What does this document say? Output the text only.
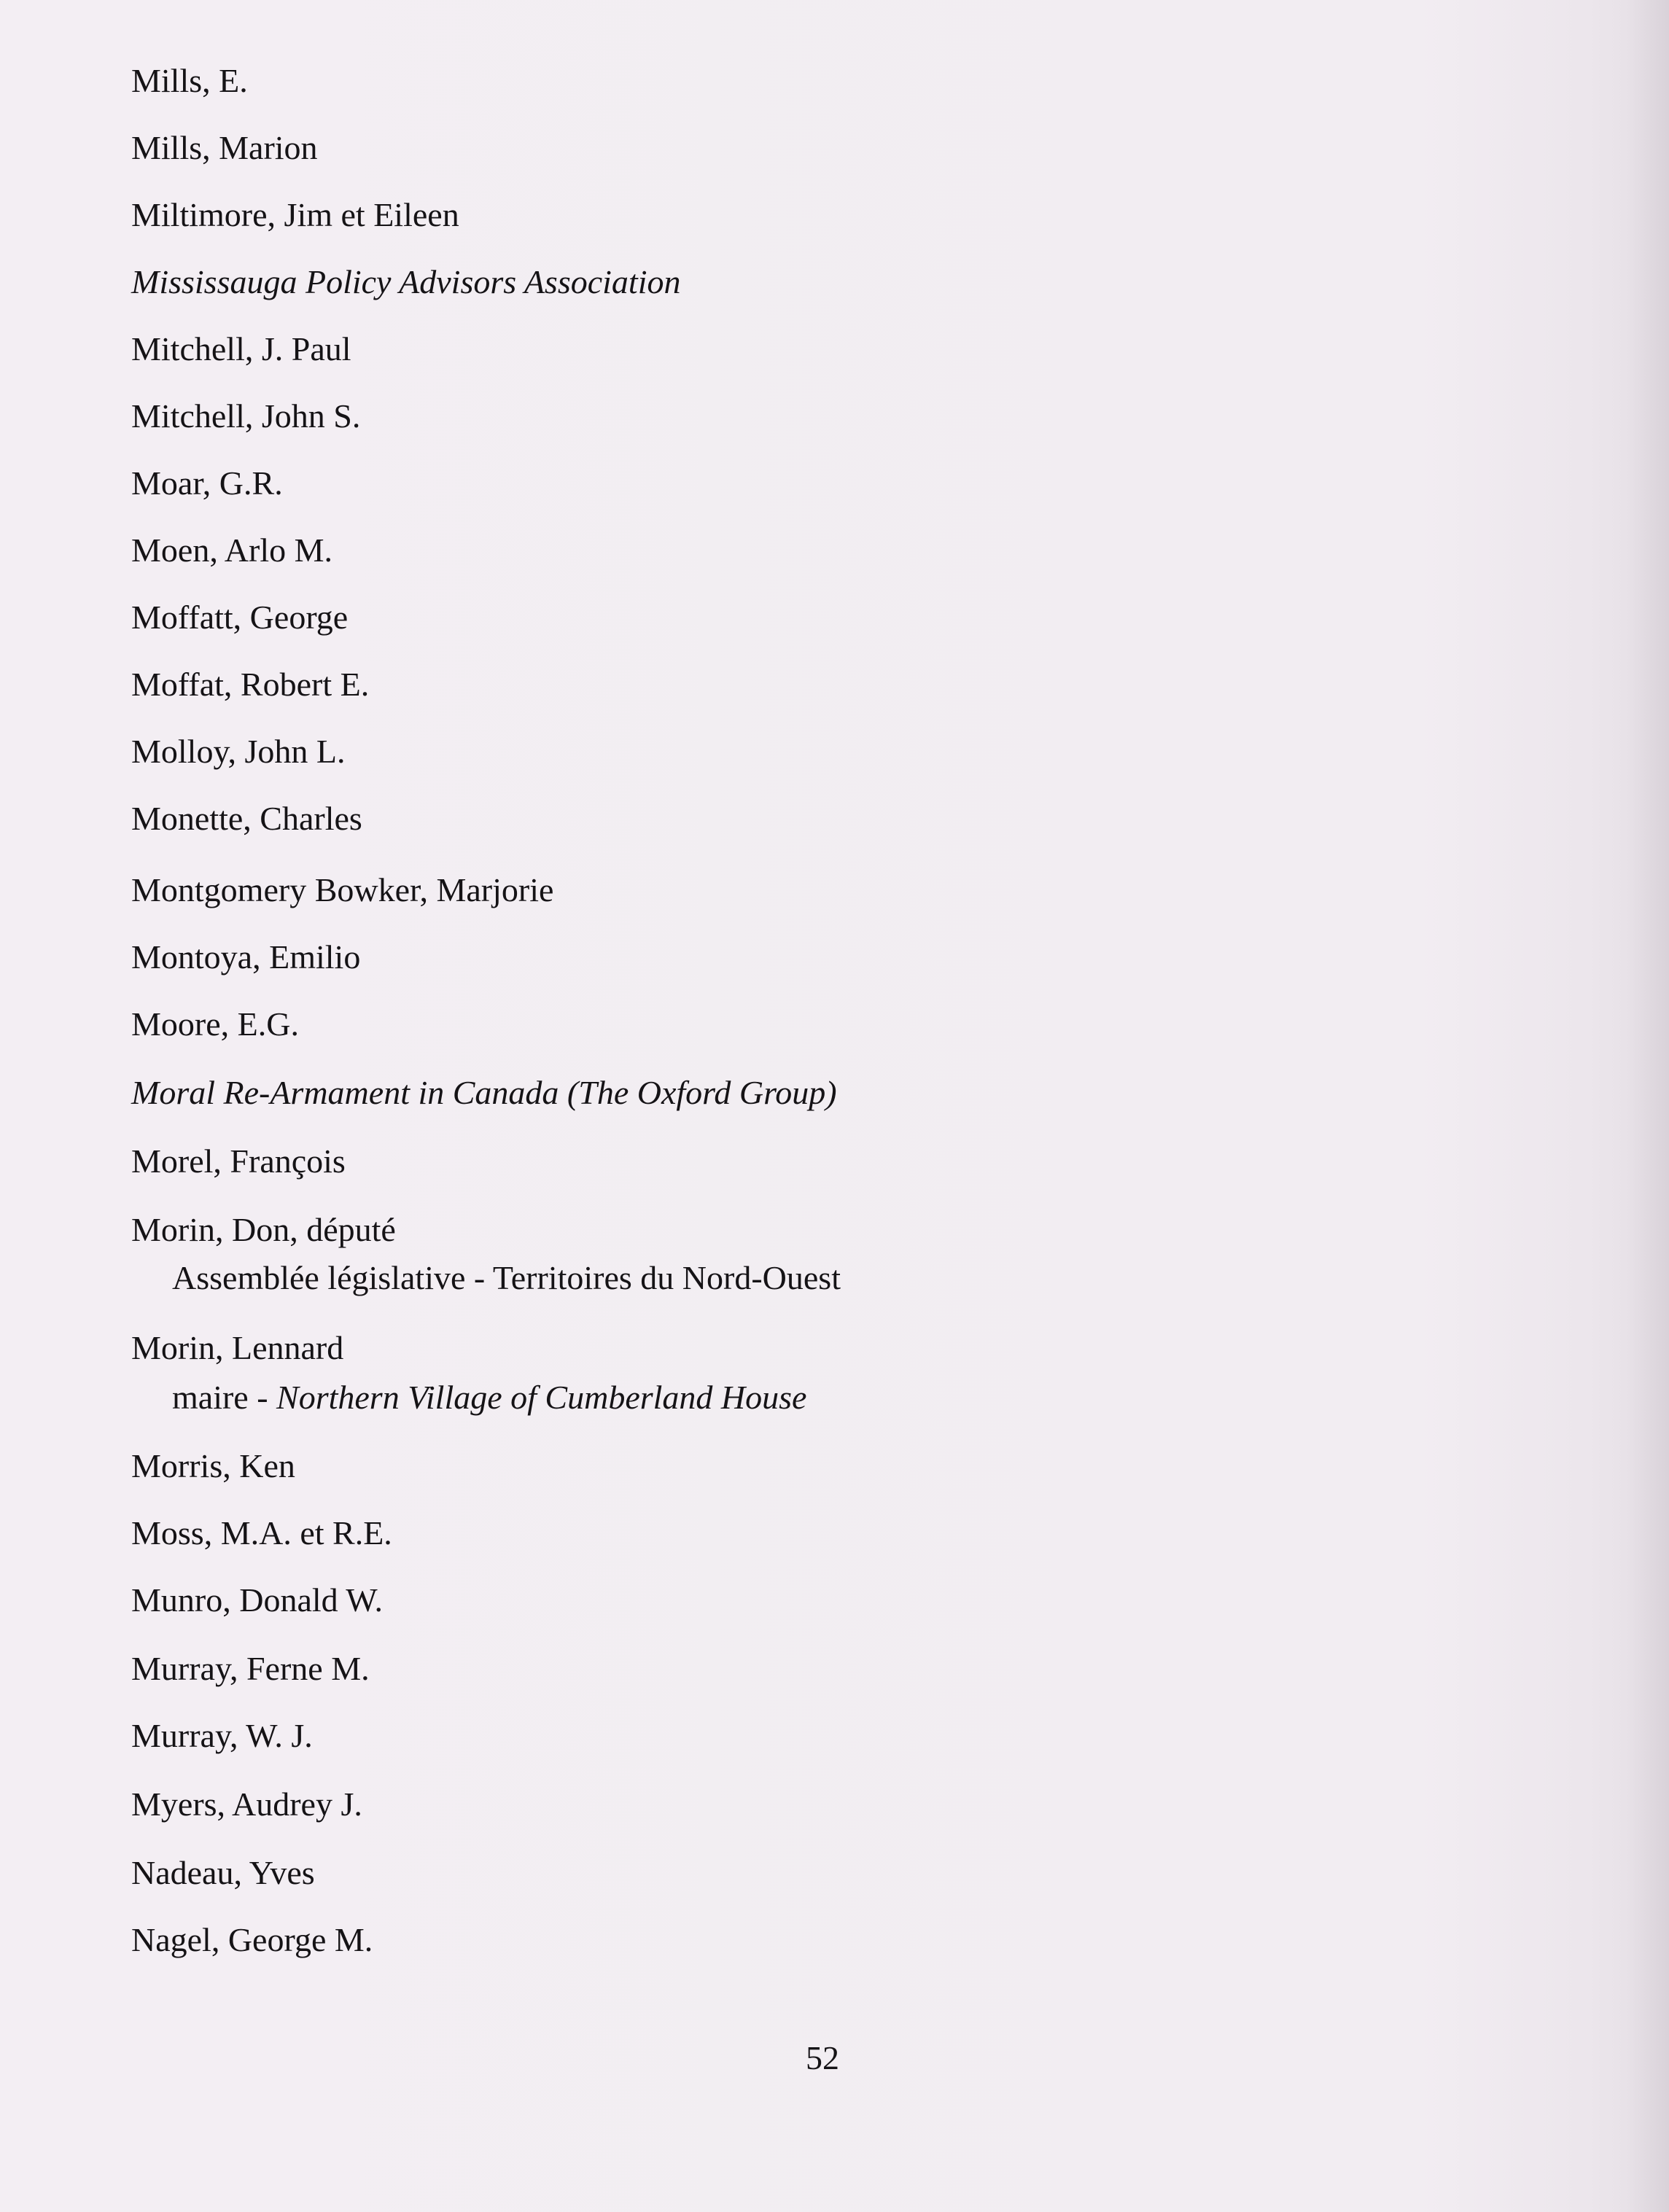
Mills, E.
Mills, Marion
Miltimore, Jim et Eileen
Mississauga Policy Advisors Association
Mitchell, J. Paul
Mitchell, John S.
Moar, G.R.
Moen, Arlo M.
Moffatt, George
Moffat, Robert E.
Molloy, John L.
Monette, Charles
Montgomery Bowker, Marjorie
Montoya, Emilio
Moore, E.G.
Moral Re-Armament in Canada (The Oxford Group)
Morel, François
Morin, Don, député
Assemblée législative - Territoires du Nord-Ouest
Morin, Lennard
maire - Northern Village of Cumberland House
Morris, Ken
Moss, M.A. et R.E.
Munro, Donald W.
Murray, Ferne M.
Murray, W. J.
Myers, Audrey J.
Nadeau, Yves
Nagel, George M.
52
